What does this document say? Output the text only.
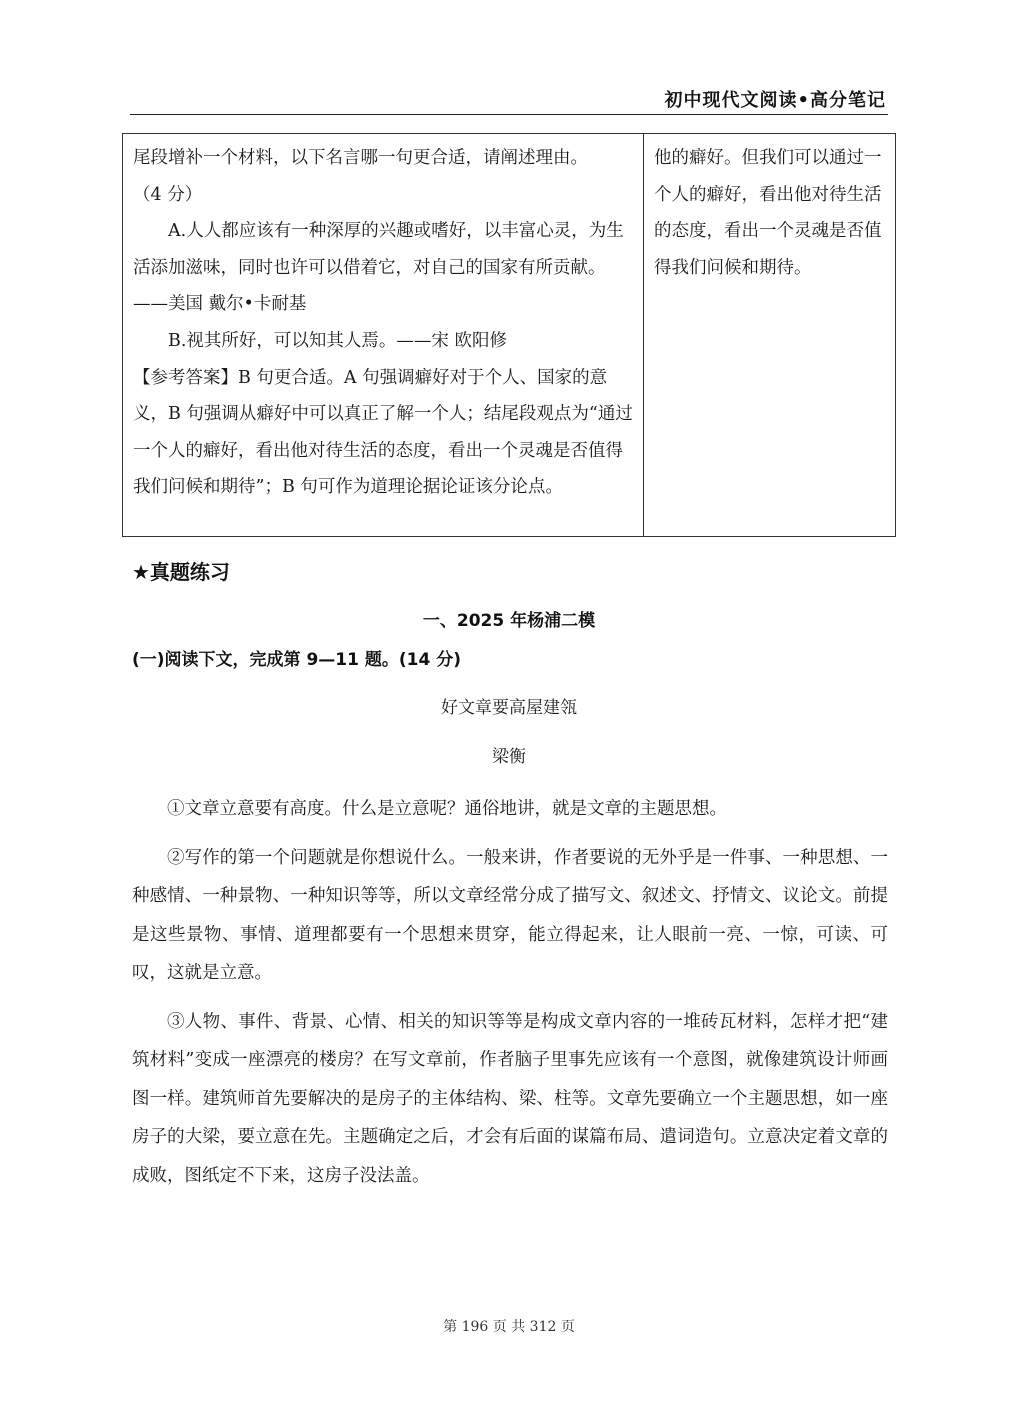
初中现代文阅读•高分笔记

尾段增补一个材料，以下名言哪一句更合适，请阐述理由。

（4 分）

A.人人都应该有一种深厚的兴趣或嗜好，以丰富心灵，为生活添加滋味，同时也许可以借着它，对自己的国家有所贡献。——美国 戴尔•卡耐基

B.视其所好，可以知其人焉。——宋 欧阳修

【参考答案】B 句更合适。A 句强调癖好对于个人、国家的意义，B 句强调从癖好中可以真正了解一个人；结尾段观点为“通过一个人的癖好，看出他对待生活的态度，看出一个灵魂是否值得我们问候和期待”；B 句可作为道理论据论证该分论点。

他的癖好。但我们可以通过一个人的癖好，看出他对待生活的态度，看出一个灵魂是否值得我们问候和期待。

★真题练习
一、2025 年杨浦二模
(一)阅读下文，完成第 9—11 题。(14 分)
好文章要高屋建瓴
梁衡

①文章立意要有高度。什么是立意呢？通俗地讲，就是文章的主题思想。

②写作的第一个问题就是你想说什么。一般来讲，作者要说的无外乎是一件事、一种思想、一种感情、一种景物、一种知识等等，所以文章经常分成了描写文、叙述文、抒情文、议论文。前提是这些景物、事情、道理都要有一个思想来贯穿，能立得起来，让人眼前一亮、一惊，可读、可叹，这就是立意。

③人物、事件、背景、心情、相关的知识等等是构成文章内容的一堆砖瓦材料，怎样才把“建筑材料”变成一座漂亮的楼房？在写文章前，作者脑子里事先应该有一个意图，就像建筑设计师画图一样。建筑师首先要解决的是房子的主体结构、梁、柱等。文章先要确立一个主题思想，如一座房子的大梁，要立意在先。主题确定之后，才会有后面的谋篇布局、遣词造句。立意决定着文章的成败，图纸定不下来，这房子没法盖。

第 196 页 共 312 页
